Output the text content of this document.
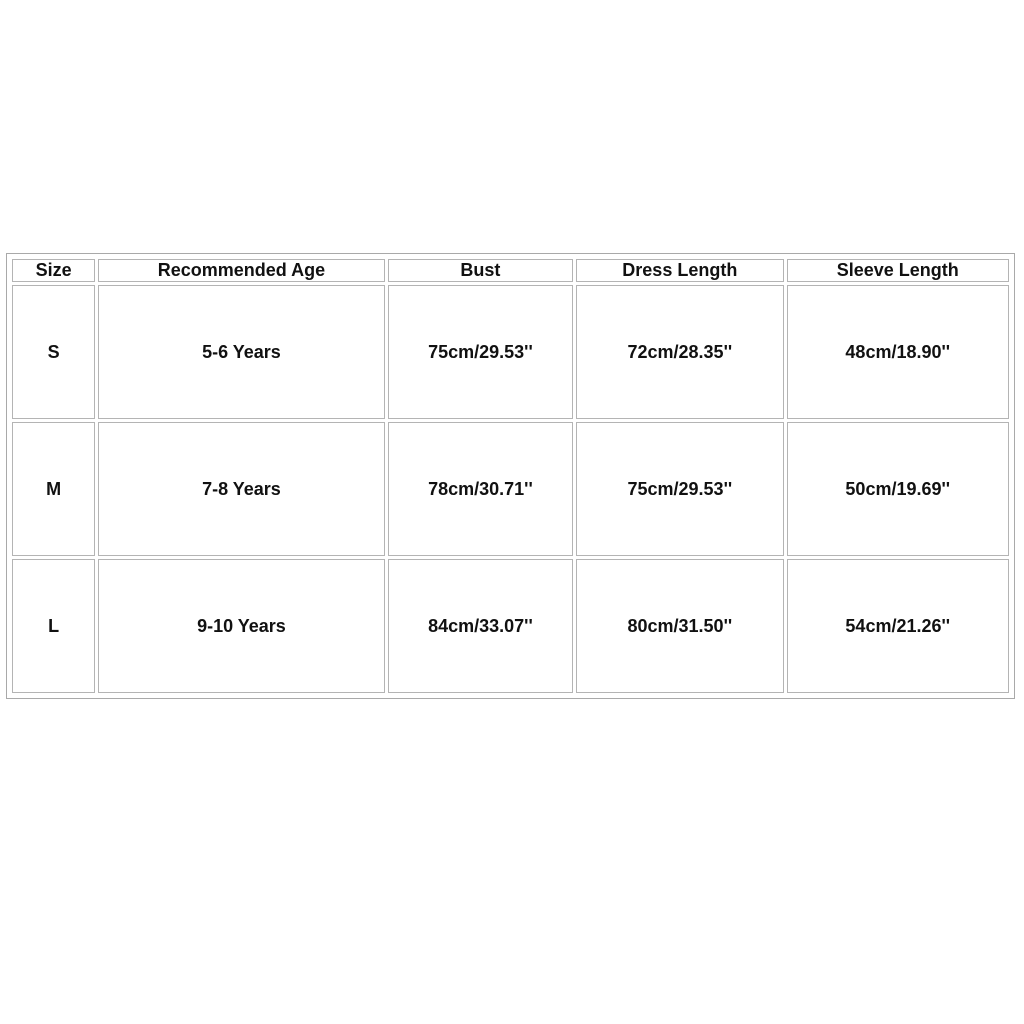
Size	Recommended Age	Bust	Dress Length	Sleeve Length
S	5-6 Years	75cm/29.53''	72cm/28.35''	48cm/18.90''
M	7-8 Years	78cm/30.71''	75cm/29.53''	50cm/19.69''
L	9-10 Years	84cm/33.07''	80cm/31.50''	54cm/21.26''
